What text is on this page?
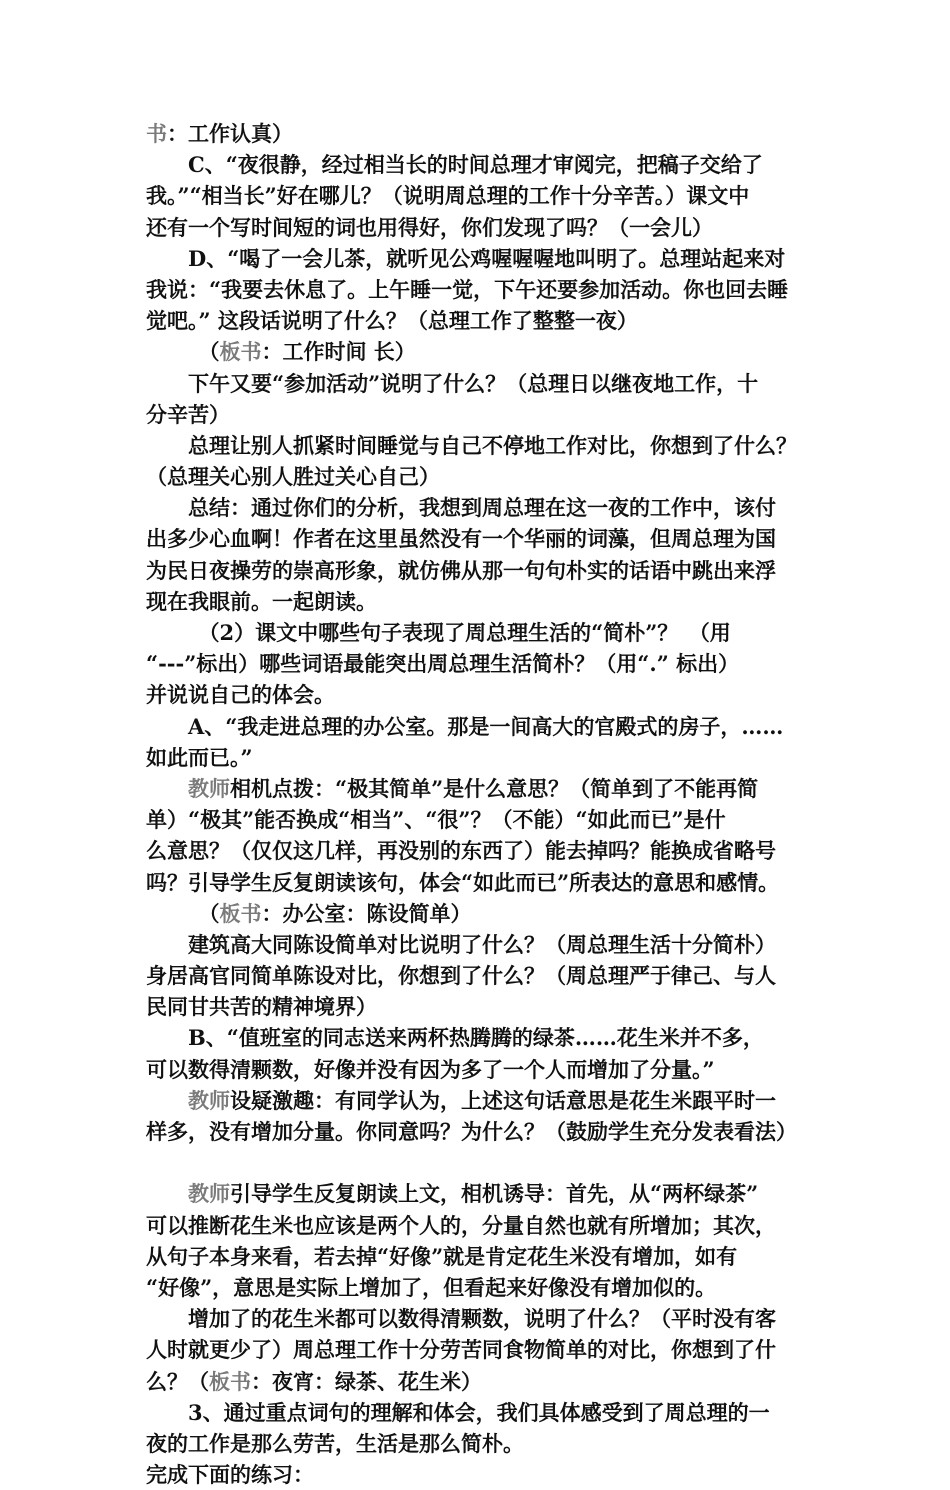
书：工作认真）
　　C、“夜很静，经过相当长的时间总理才审阅完，把稿子交给了
我。”“相当长”好在哪儿？（说明周总理的工作十分辛苦。）课文中
还有一个写时间短的词也用得好，你们发现了吗？（一会儿）
　　D、“喝了一会儿茶，就听见公鸡喔喔喔地叫明了。总理站起来对
我说：“我要去休息了。上午睡一觉，下午还要参加活动。你也回去睡
觉吧。” 这段话说明了什么？（总理工作了整整一夜）
　　　（板书：工作时间 长）
　　下午又要“参加活动”说明了什么？（总理日以继夜地工作，十
分辛苦）
　　总理让别人抓紧时间睡觉与自己不停地工作对比，你想到了什么？
（总理关心别人胜过关心自己）
　　总结：通过你们的分析，我想到周总理在这一夜的工作中，该付
出多少心血啊！作者在这里虽然没有一个华丽的词藻，但周总理为国
为民日夜操劳的崇高形象，就仿佛从那一句句朴实的话语中跳出来浮
现在我眼前。一起朗读。
　　　（2）课文中哪些句子表现了周总理生活的“简朴”？　（用
“---”标出）哪些词语最能突出周总理生活简朴？（用“.” 标出）
并说说自己的体会。
　　A、“我走进总理的办公室。那是一间高大的官殿式的房子，……
如此而已。”
　　教师相机点拨：“极其简单”是什么意思？（简单到了不能再简
单）“极其”能否换成“相当”、“很”？（不能）“如此而已”是什
么意思？（仅仅这几样，再没别的东西了）能去掉吗？能换成省略号
吗？引导学生反复朗读该句，体会“如此而已”所表达的意思和感情。
　　　（板书：办公室：陈设简单）
　　建筑高大同陈设简单对比说明了什么？（周总理生活十分简朴）
身居高官同简单陈设对比，你想到了什么？（周总理严于律己、与人
民同甘共苦的精神境界）
　　B、“值班室的同志送来两杯热腾腾的绿茶……花生米并不多，
可以数得清颗数，好像并没有因为多了一个人而增加了分量。”
　　教师设疑激趣：有同学认为，上述这句话意思是花生米跟平时一
样多，没有增加分量。你同意吗？为什么？（鼓励学生充分发表看法）
　　教师引导学生反复朗读上文，相机诱导：首先，从“两杯绿茶”
可以推断花生米也应该是两个人的，分量自然也就有所增加；其次，
从句子本身来看，若去掉“好像”就是肯定花生米没有增加，如有
“好像”，意思是实际上增加了，但看起来好像没有增加似的。
　　增加了的花生米都可以数得清颗数，说明了什么？（平时没有客
人时就更少了）周总理工作十分劳苦同食物简单的对比，你想到了什
么？（板书：夜宵：绿茶、花生米）
　　3、通过重点词句的理解和体会，我们具体感受到了周总理的一
夜的工作是那么劳苦，生活是那么简朴。
完成下面的练习：
